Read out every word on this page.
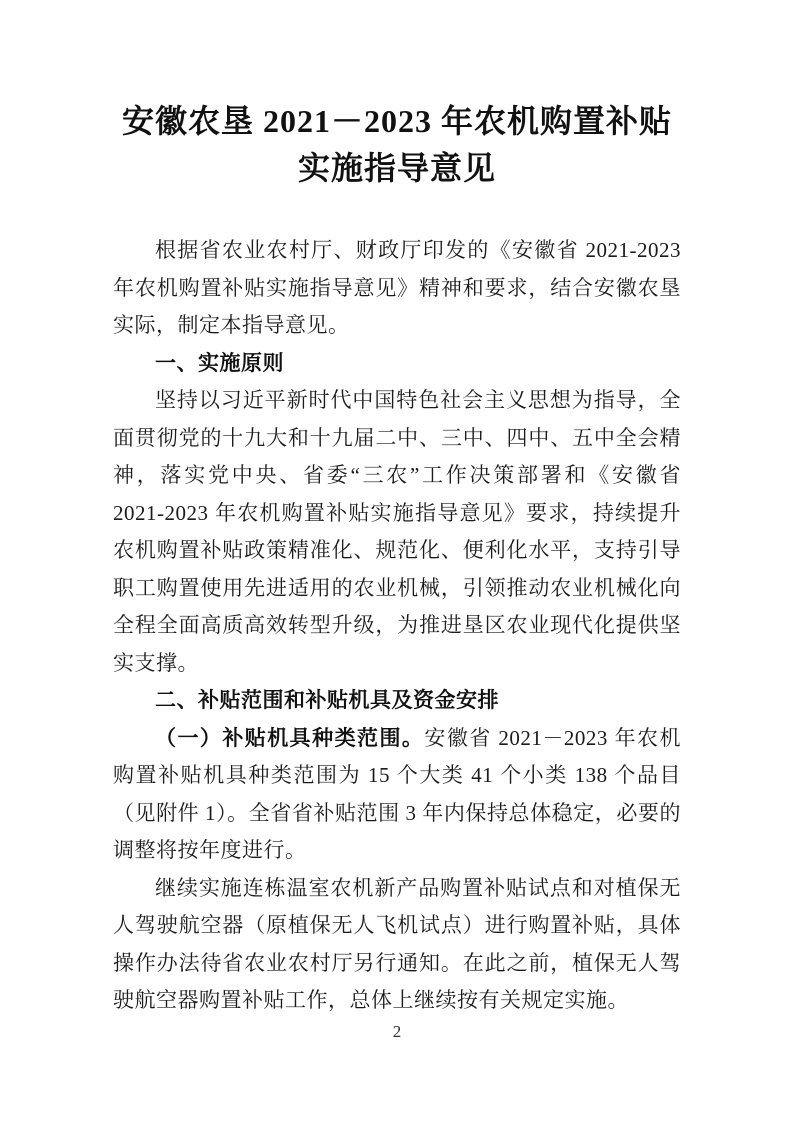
安徽农垦 2021－2023 年农机购置补贴
实施指导意见

根据省农业农村厅、财政厅印发的《安徽省 2021-2023 年农机购置补贴实施指导意见》精神和要求，结合安徽农垦实际，制定本指导意见。

一、实施原则

坚持以习近平新时代中国特色社会主义思想为指导，全面贯彻党的十九大和十九届二中、三中、四中、五中全会精神，落实党中央、省委“三农”工作决策部署和《安徽省 2021-2023 年农机购置补贴实施指导意见》要求，持续提升农机购置补贴政策精准化、规范化、便利化水平，支持引导职工购置使用先进适用的农业机械，引领推动农业机械化向全程全面高质高效转型升级，为推进垦区农业现代化提供坚实支撑。

二、补贴范围和补贴机具及资金安排

（一）补贴机具种类范围。安徽省 2021－2023 年农机购置补贴机具种类范围为 15 个大类 41 个小类 138 个品目（见附件 1）。全省省补贴范围 3 年内保持总体稳定，必要的调整将按年度进行。

继续实施连栋温室农机新产品购置补贴试点和对植保无人驾驶航空器（原植保无人飞机试点）进行购置补贴，具体操作办法待省农业农村厅另行通知。在此之前，植保无人驾驶航空器购置补贴工作，总体上继续按有关规定实施。

2
